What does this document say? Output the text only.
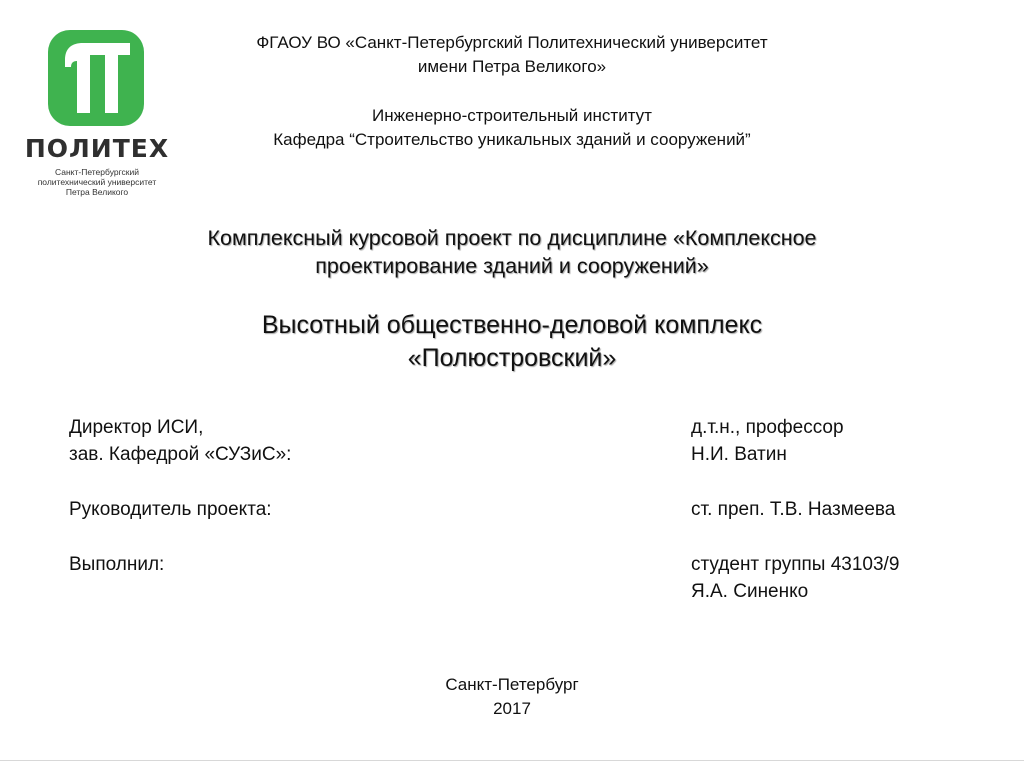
ПОЛИТЕХ
Санкт-Петербургский
политехнический университет
Петра Великого
ФГАОУ ВО «Санкт-Петербургский Политехнический университет
имени Петра Великого»
Инженерно-строительный институт
Кафедра “Строительство уникальных зданий и сооружений”
Комплексный курсовой проект по дисциплине «Комплексное
проектирование зданий и сооружений»
Высотный общественно-деловой комплекс
«Полюстровский»
Директор ИСИ,
зав. Кафедрой «СУЗиС»:
д.т.н., профессор
Н.И. Ватин
Руководитель проекта:	ст. преп. Т.В. Назмеева
Выполнил:	студент группы 43103/9
Я.А. Синенко
Санкт-Петербург
2017
